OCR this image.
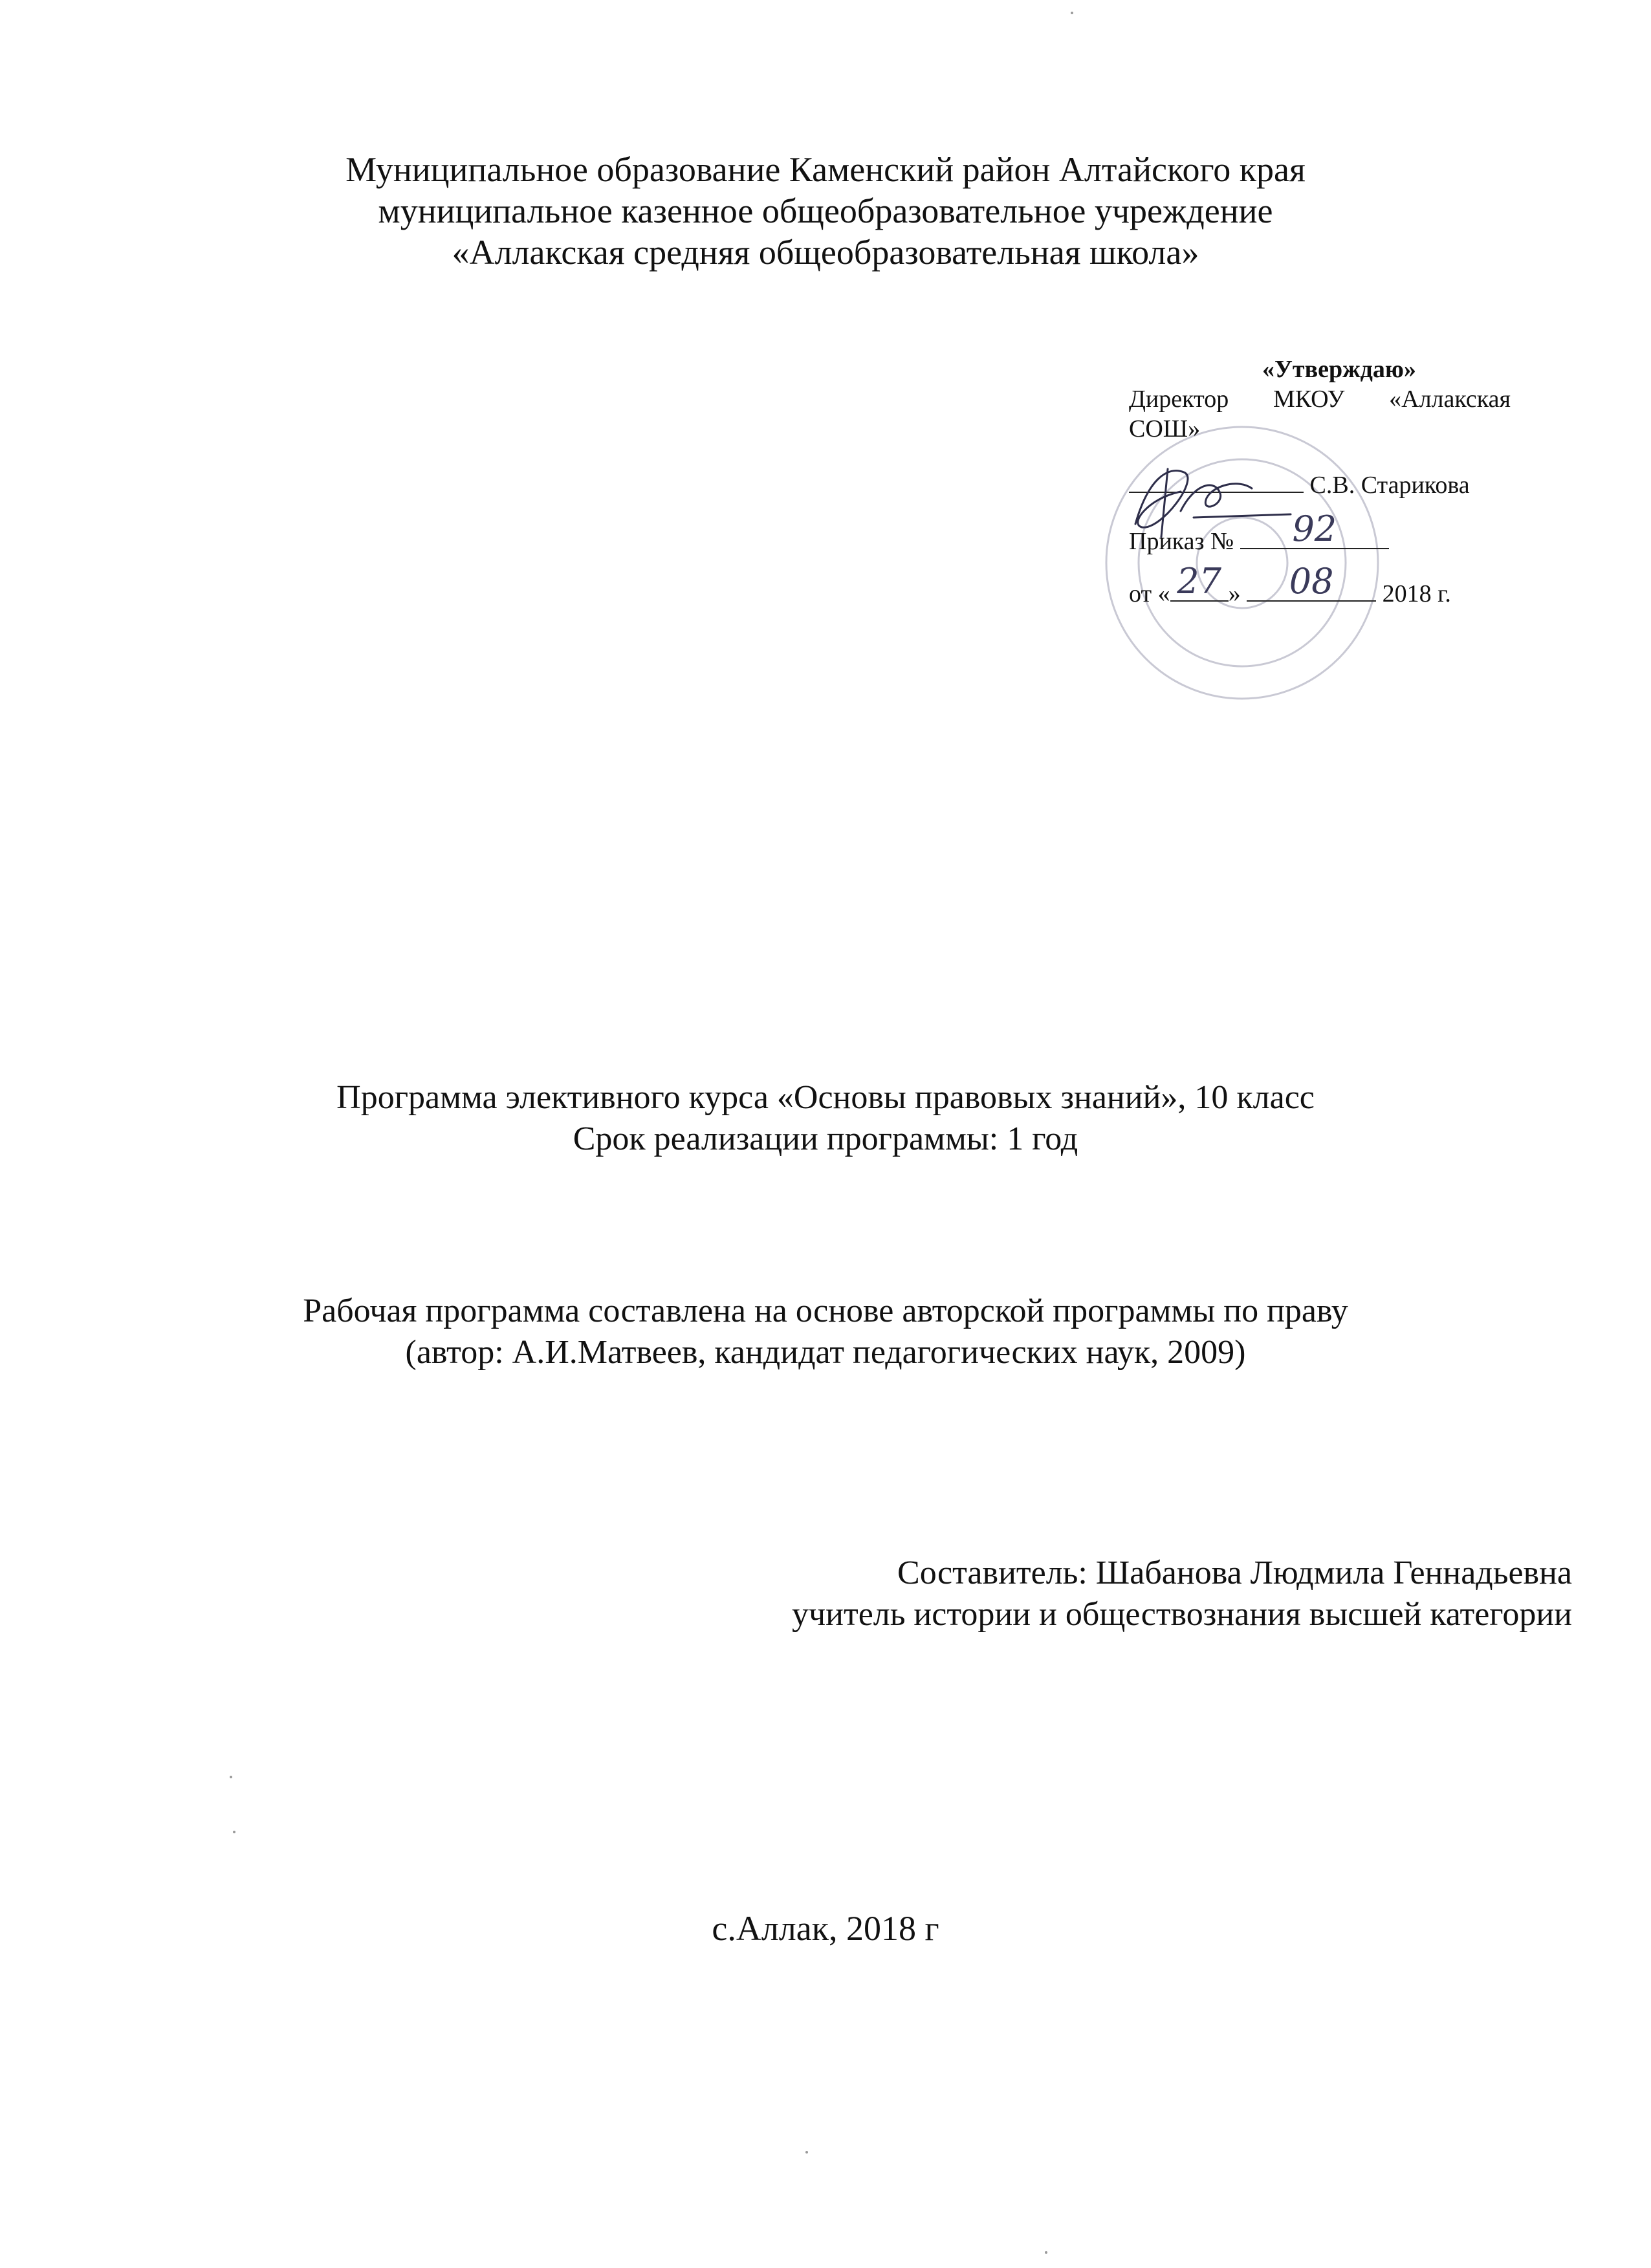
Муниципальное образование Каменский район Алтайского края
муниципальное казенное общеобразовательное учреждение
«Аллакская средняя общеобразовательная школа»
«Утверждаю»
Директор МКОУ «Аллакская
СОШ»
С.В. Старикова
Приказ №	92
от « 27 »	08	2018 г.
Программа элективного курса «Основы правовых знаний», 10 класс
Срок реализации программы: 1 год
Рабочая программа составлена на основе авторской программы по праву
(автор: А.И.Матвеев, кандидат педагогических наук, 2009)
Составитель: Шабанова Людмила Геннадьевна
учитель истории и обществознания высшей категории
с.Аллак, 2018 г
